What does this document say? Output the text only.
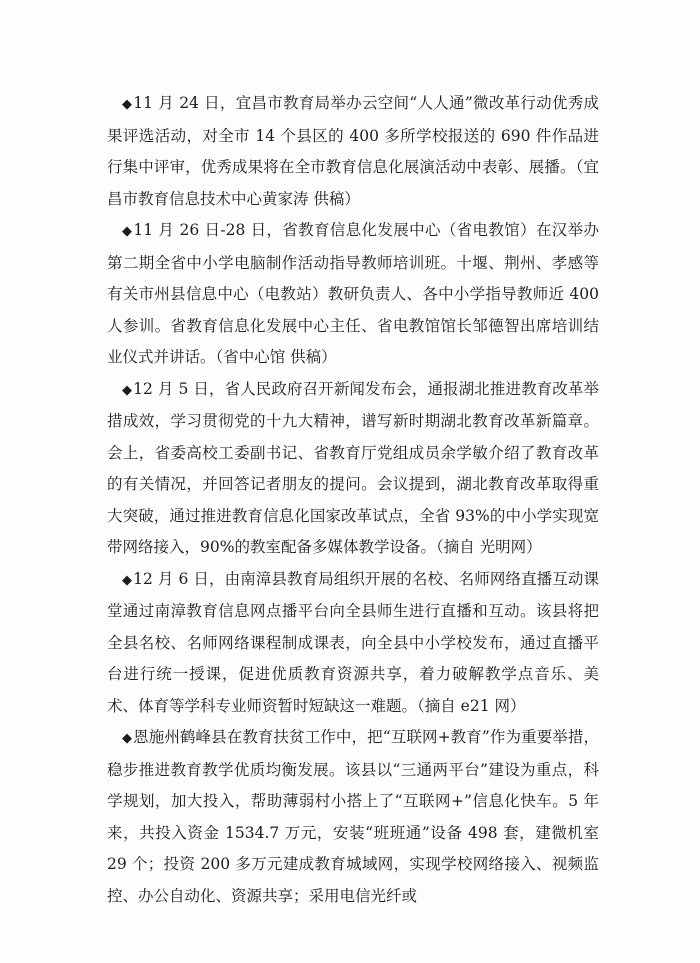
◆11 月 24 日，宜昌市教育局举办云空间“人人通”微改革行动优秀成果评选活动，对全市 14 个县区的 400 多所学校报送的 690 件作品进行集中评审，优秀成果将在全市教育信息化展演活动中表彰、展播。（宜昌市教育信息技术中心黄家涛 供稿）

◆11 月 26 日-28 日，省教育信息化发展中心（省电教馆）在汉举办第二期全省中小学电脑制作活动指导教师培训班。十堰、荆州、孝感等有关市州县信息中心（电教站）教研负责人、各中小学指导教师近 400 人参训。省教育信息化发展中心主任、省电教馆馆长邹德智出席培训结业仪式并讲话。（省中心馆 供稿）

◆12 月 5 日，省人民政府召开新闻发布会，通报湖北推进教育改革举措成效，学习贯彻党的十九大精神，谱写新时期湖北教育改革新篇章。会上，省委高校工委副书记、省教育厅党组成员余学敏介绍了教育改革的有关情况，并回答记者朋友的提问。会议提到，湖北教育改革取得重大突破，通过推进教育信息化国家改革试点，全省 93%的中小学实现宽带网络接入，90%的教室配备多媒体教学设备。（摘自 光明网）

◆12 月 6 日，由南漳县教育局组织开展的名校、名师网络直播互动课堂通过南漳教育信息网点播平台向全县师生进行直播和互动。该县将把全县名校、名师网络课程制成课表，向全县中小学校发布，通过直播平台进行统一授课，促进优质教育资源共享，着力破解教学点音乐、美术、体育等学科专业师资暂时短缺这一难题。（摘自 e21 网）

◆恩施州鹤峰县在教育扶贫工作中，把“互联网+教育”作为重要举措，稳步推进教育教学优质均衡发展。该县以“三通两平台”建设为重点，科学规划，加大投入，帮助薄弱村小搭上了“互联网+”信息化快车。5 年来，共投入资金 1534.7 万元，安装“班班通”设备 498 套，建微机室 29 个；投资 200 多万元建成教育城域网，实现学校网络接入、视频监控、办公自动化、资源共享；采用电信光纤或
